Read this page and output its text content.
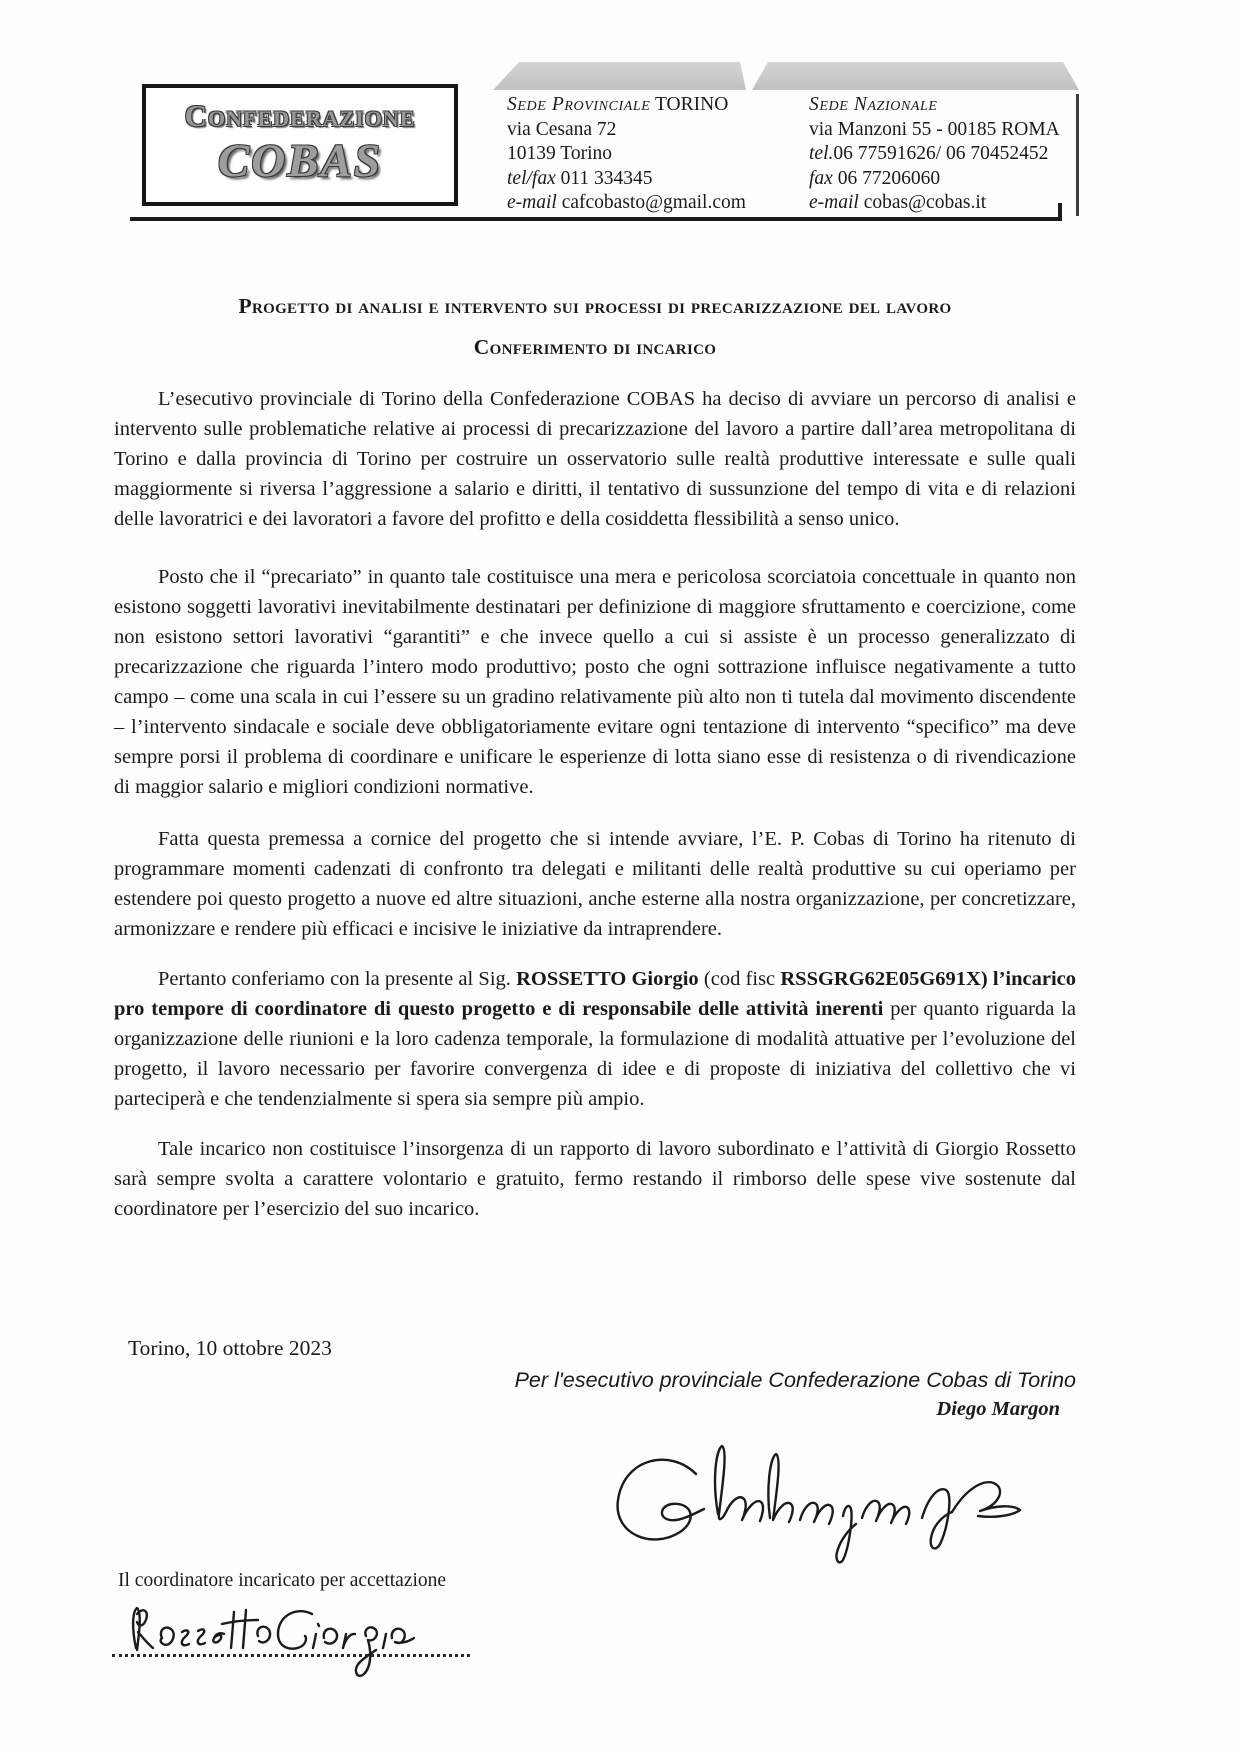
Confederazione
COBAS
Sede Provinciale TORINO
via Cesana 72
10139 Torino
tel/fax 011 334345
e-mail cafcobasto@gmail.com
Sede Nazionale
via Manzoni 55 - 00185 ROMA
tel.06 77591626/ 06 70452452
fax 06 77206060
e-mail cobas@cobas.it
Progetto di analisi e intervento sui processi di precarizzazione del lavoro
Conferimento di incarico

L’esecutivo provinciale di Torino della Confederazione COBAS ha deciso di avviare un percorso di analisi e intervento sulle problematiche relative ai processi di precarizzazione del lavoro a partire dall’area metropolitana di Torino e dalla provincia di Torino per costruire un osservatorio sulle realtà produttive interessate e sulle quali maggiormente si riversa l’aggressione a salario e diritti, il tentativo di sussunzione del tempo di vita e di relazioni delle lavoratrici e dei lavoratori a favore del profitto e della cosiddetta flessibilità a senso unico.

Posto che il “precariato” in quanto tale costituisce una mera e pericolosa scorciatoia concettuale in quanto non esistono soggetti lavorativi inevitabilmente destinatari per definizione di maggiore sfruttamento e coercizione, come non esistono settori lavorativi “garantiti” e che invece quello a cui si assiste è un processo generalizzato di precarizzazione che riguarda l’intero modo produttivo; posto che ogni sottrazione influisce negativamente a tutto campo – come una scala in cui l’essere su un gradino relativamente più alto non ti tutela dal movimento discendente – l’intervento sindacale e sociale deve obbligatoriamente evitare ogni tentazione di intervento “specifico” ma deve sempre porsi il problema di coordinare e unificare le esperienze di lotta siano esse di resistenza o di rivendicazione di maggior salario e migliori condizioni normative.

Fatta questa premessa a cornice del progetto che si intende avviare, l’E. P. Cobas di Torino ha ritenuto di programmare momenti cadenzati di confronto tra delegati e militanti delle realtà produttive su cui operiamo per estendere poi questo progetto a nuove ed altre situazioni, anche esterne alla nostra organizzazione, per concretizzare, armonizzare e rendere più efficaci e incisive le iniziative da intraprendere.

Pertanto conferiamo con la presente al Sig. ROSSETTO Giorgio (cod fisc RSSGRG62E05G691X) l’incarico pro tempore di coordinatore di questo progetto e di responsabile delle attività inerenti per quanto riguarda la organizzazione delle riunioni e la loro cadenza temporale, la formulazione di modalità attuative per l’evoluzione del progetto, il lavoro necessario per favorire convergenza di idee e di proposte di iniziativa del collettivo che vi parteciperà e che tendenzialmente si spera sia sempre più ampio.

Tale incarico non costituisce l’insorgenza di un rapporto di lavoro subordinato e l’attività di Giorgio Rossetto sarà sempre svolta a carattere volontario e gratuito, fermo restando il rimborso delle spese vive sostenute dal coordinatore per l’esercizio del suo incarico.

Torino, 10 ottobre 2023
Per l'esecutivo provinciale Confederazione Cobas di Torino
Diego Margon
Il coordinatore incaricato per accettazione
